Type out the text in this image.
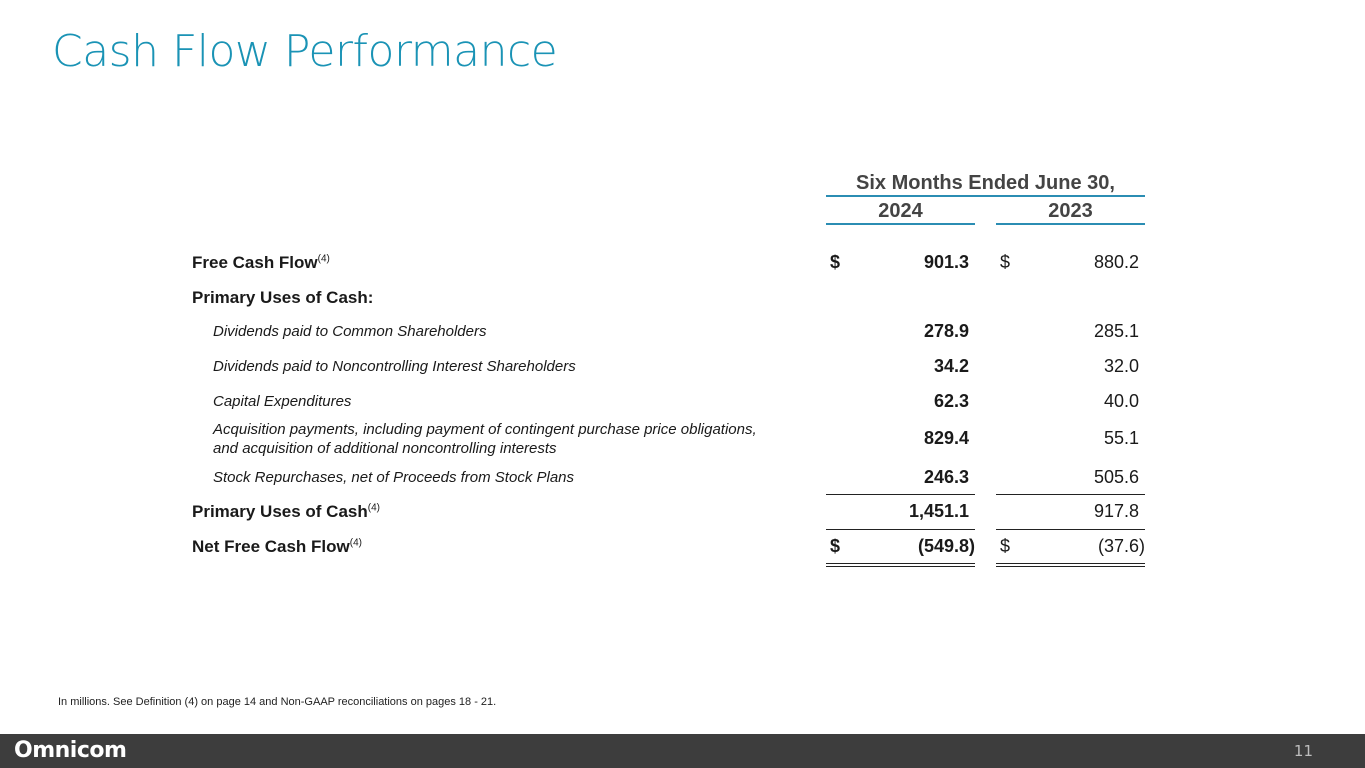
Cash Flow Performance
Six Months Ended June 30,
2024	2023
Free Cash Flow$^{(4)}$	$	901.3 $	880.2
Primary Uses of Cash:
Dividends paid to Common Shareholders	278.9	285.1
Dividends paid to Noncontrolling Interest Shareholders	34.2	32.0
Capital Expenditures	62.3	40.0
Acquisition payments, including payment of contingent purchase price obligations,
and acquisition of additional noncontrolling interests
829.4	55.1
Stock Repurchases, net of Proceeds from Stock Plans	246.3	505.6
Primary Uses of Cash$^{(4)}$	1,451.1	917.8
Net Free Cash Flow$^{(4)}$	$	(549.8) $	(37.6)
In millions. See Definition (4) on page 14 and Non-GAAP reconciliations on pages 18 - 21.
Omnicom	11
